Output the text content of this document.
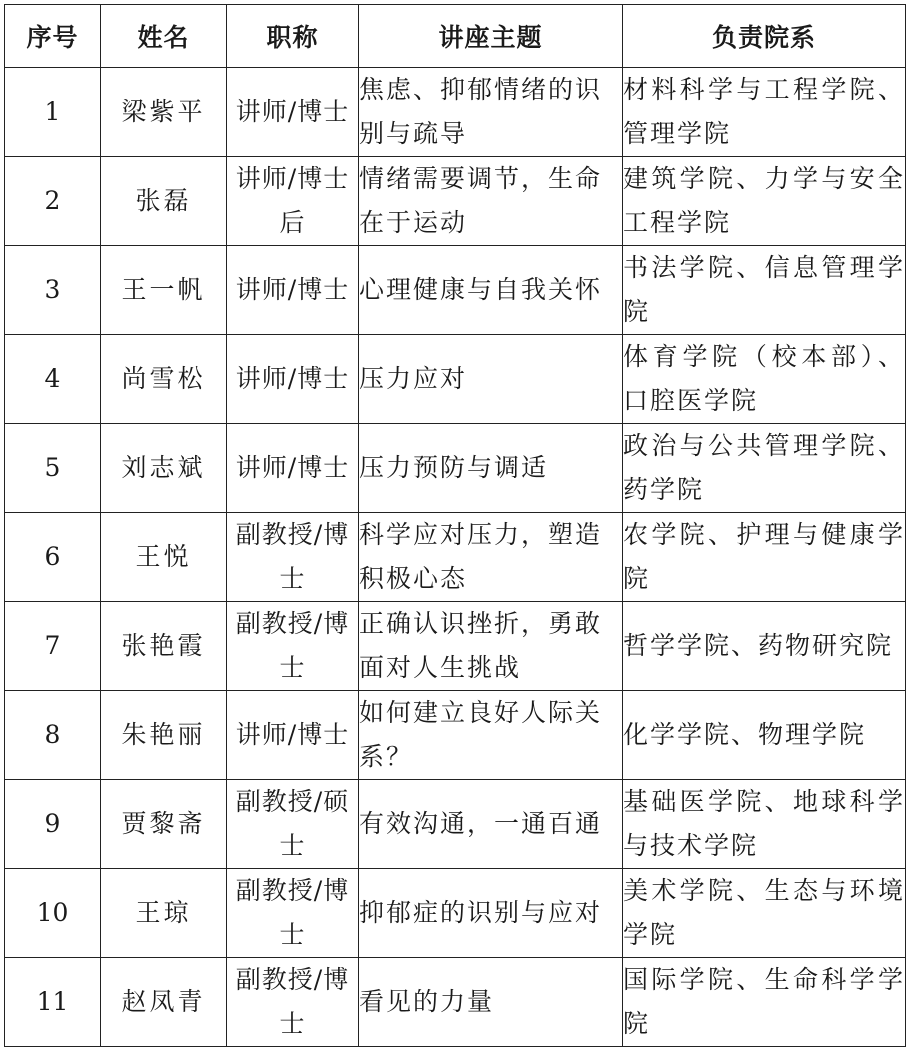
序号	姓名	职称	讲座主题	负责院系
1	梁紫平	讲师/博士	焦虑、抑郁情绪的识别与疏导	材料科学与工程学院、管理学院
2	张磊	讲师/博士后	情绪需要调节，生命在于运动	建筑学院、力学与安全工程学院
3	王一帆	讲师/博士	心理健康与自我关怀	书法学院、信息管理学院
4	尚雪松	讲师/博士	压力应对	体育学院（校本部）、口腔医学院
5	刘志斌	讲师/博士	压力预防与调适	政治与公共管理学院、药学院
6	王悦	副教授/博士	科学应对压力，塑造积极心态	农学院、护理与健康学院
7	张艳霞	副教授/博士	正确认识挫折，勇敢面对人生挑战	哲学学院、药物研究院
8	朱艳丽	讲师/博士	如何建立良好人际关系？	化学学院、物理学院
9	贾黎斋	副教授/硕士	有效沟通，一通百通	基础医学院、地球科学与技术学院
10	王琼	副教授/博士	抑郁症的识别与应对	美术学院、生态与环境学院
11	赵凤青	副教授/博士	看见的力量	国际学院、生命科学学院
